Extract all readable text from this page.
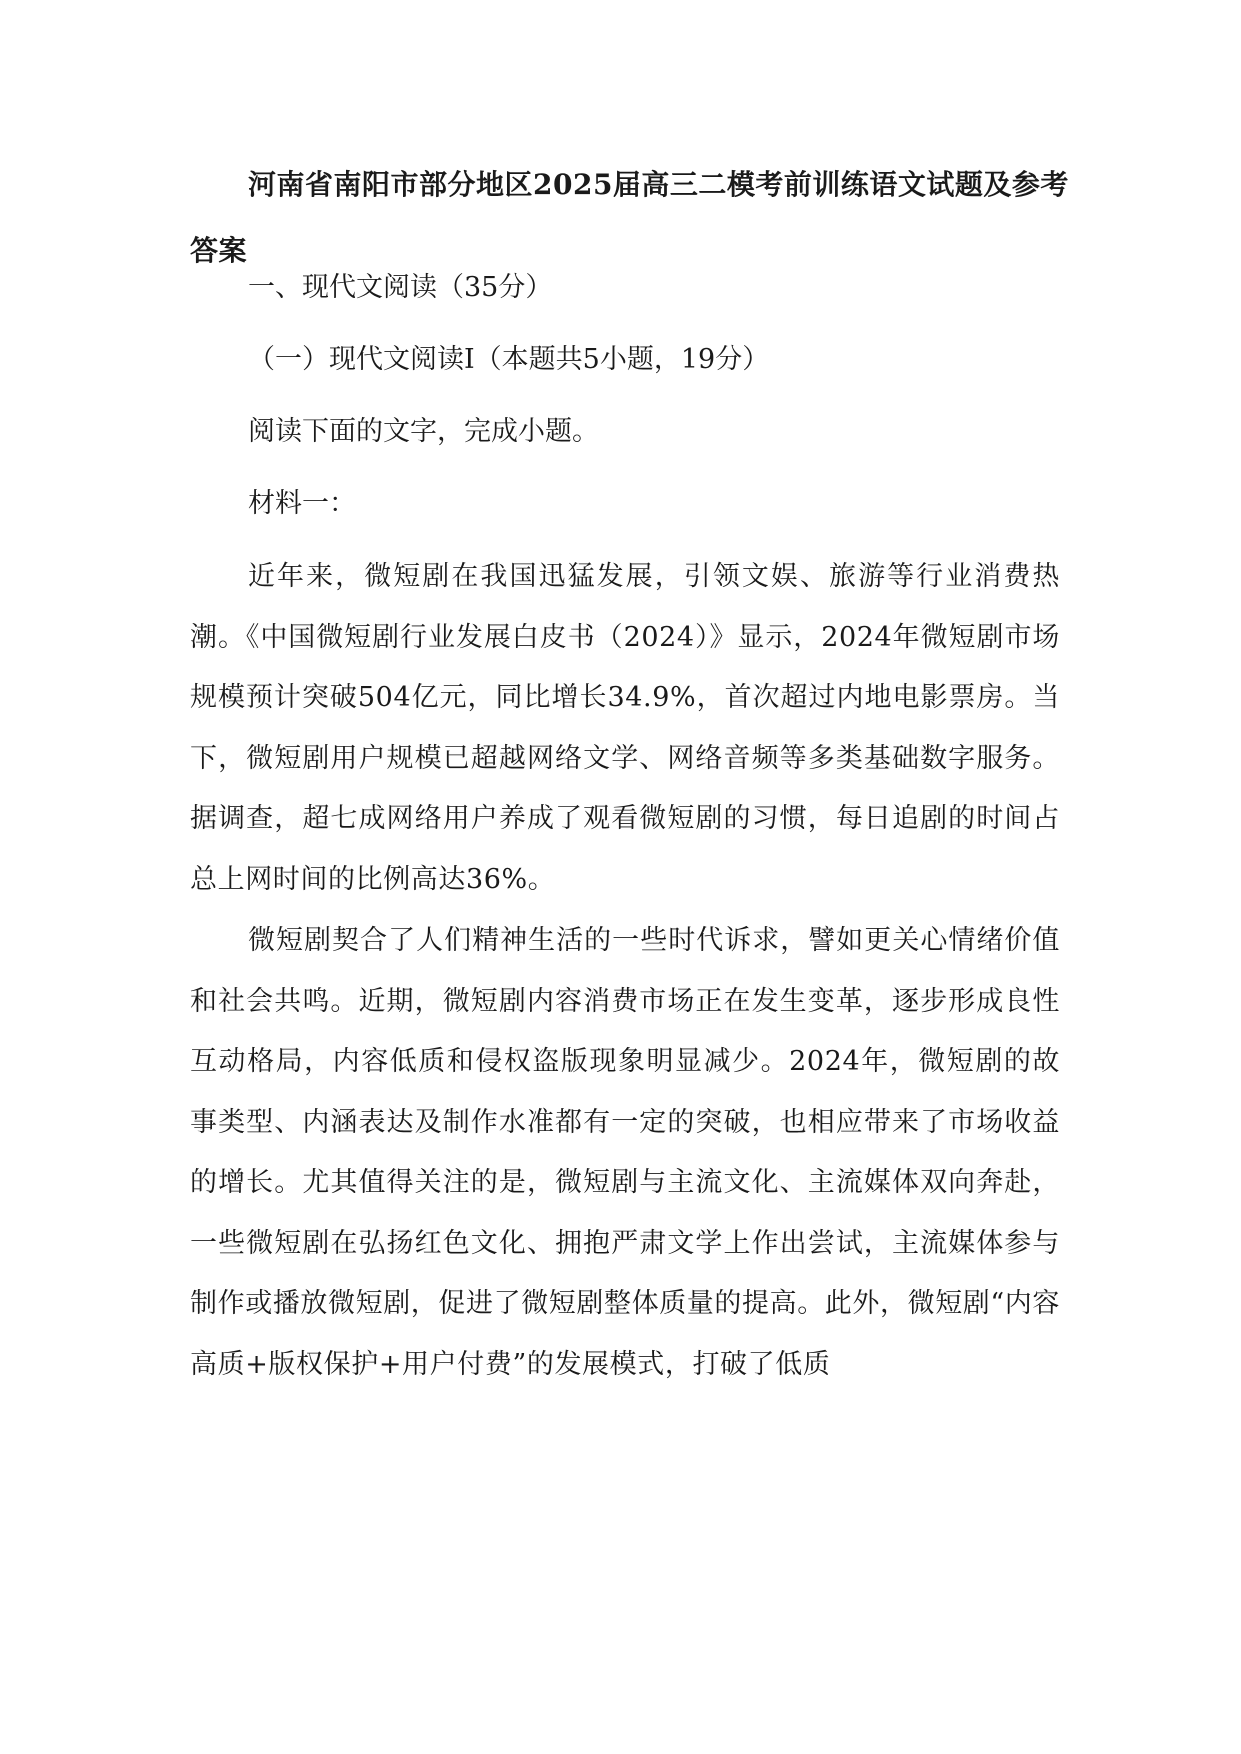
河南省南阳市部分地区2025届高三二模考前训练语文试题及参考答案

一、现代文阅读（35分）

（一）现代文阅读Ⅰ（本题共5小题，19分）

阅读下面的文字，完成小题。

材料一：

近年来，微短剧在我国迅猛发展，引领文娱、旅游等行业消费热潮。《中国微短剧行业发展白皮书（2024）》显示，2024年微短剧市场规模预计突破504亿元，同比增长34.9%，首次超过内地电影票房。当下，微短剧用户规模已超越网络文学、网络音频等多类基础数字服务。据调查，超七成网络用户养成了观看微短剧的习惯，每日追剧的时间占总上网时间的比例高达36%。

微短剧契合了人们精神生活的一些时代诉求，譬如更关心情绪价值和社会共鸣。近期，微短剧内容消费市场正在发生变革，逐步形成良性互动格局，内容低质和侵权盗版现象明显减少。2024年，微短剧的故事类型、内涵表达及制作水准都有一定的突破，也相应带来了市场收益的增长。尤其值得关注的是，微短剧与主流文化、主流媒体双向奔赴，一些微短剧在弘扬红色文化、拥抱严肃文学上作出尝试，主流媒体参与制作或播放微短剧，促进了微短剧整体质量的提高。此外，微短剧“内容高质+版权保护+用户付费”的发展模式，打破了低质
